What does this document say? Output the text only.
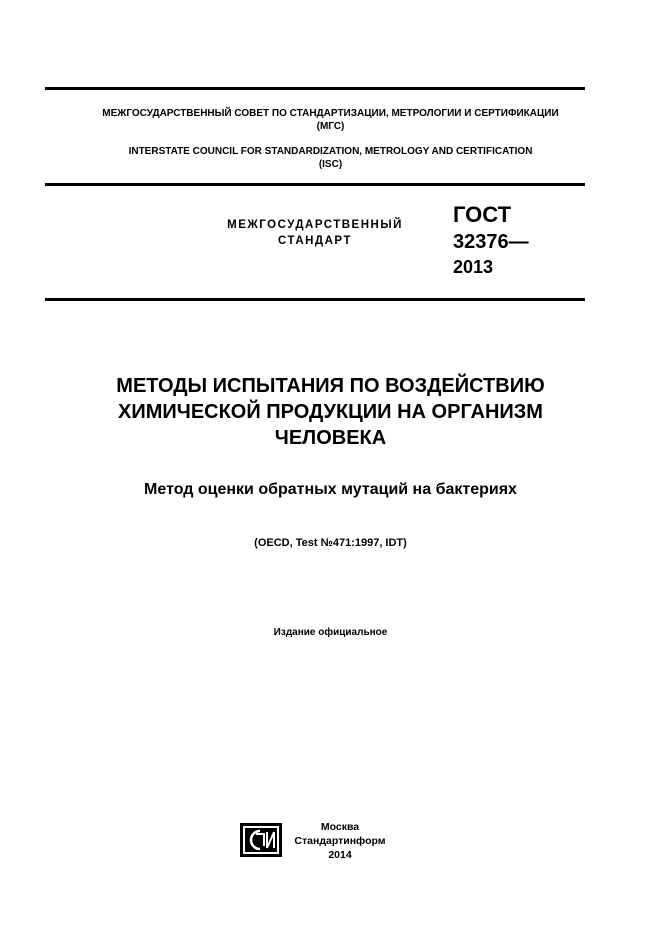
МЕЖГОСУДАРСТВЕННЫЙ СОВЕТ ПО СТАНДАРТИЗАЦИИ, МЕТРОЛОГИИ И СЕРТИФИКАЦИИ
(МГС)
INTERSTATE COUNCIL FOR STANDARDIZATION, METROLOGY AND CERTIFICATION
(ISC)
МЕЖГОСУДАРСТВЕННЫЙ
СТАНДАРТ
ГОСТ
32376—
2013
МЕТОДЫ ИСПЫТАНИЯ ПО ВОЗДЕЙСТВИЮ
ХИМИЧЕСКОЙ ПРОДУКЦИИ НА ОРГАНИЗМ
ЧЕЛОВЕКА
Метод оценки обратных мутаций на бактериях
(OECD, Test №471:1997, IDT)
Издание официальное
Москва
Стандартинформ
2014
